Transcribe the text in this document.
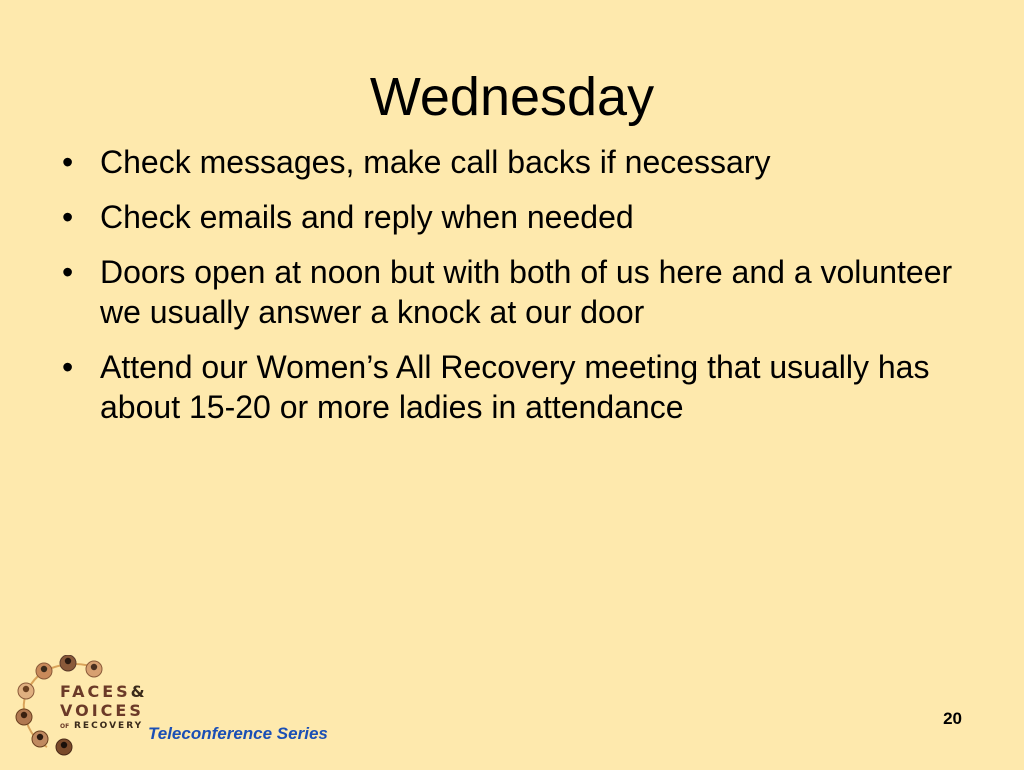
Wednesday
• Check messages, make call backs if necessary
• Check emails and reply when needed
• Doors open at noon but with both of us here and a volunteer we usually answer a knock at our door
• Attend our Women’s All Recovery meeting that usually has about 15-20 or more ladies in attendance
FACES&
VOICES
OF RECOVERY Teleconference Series
20
